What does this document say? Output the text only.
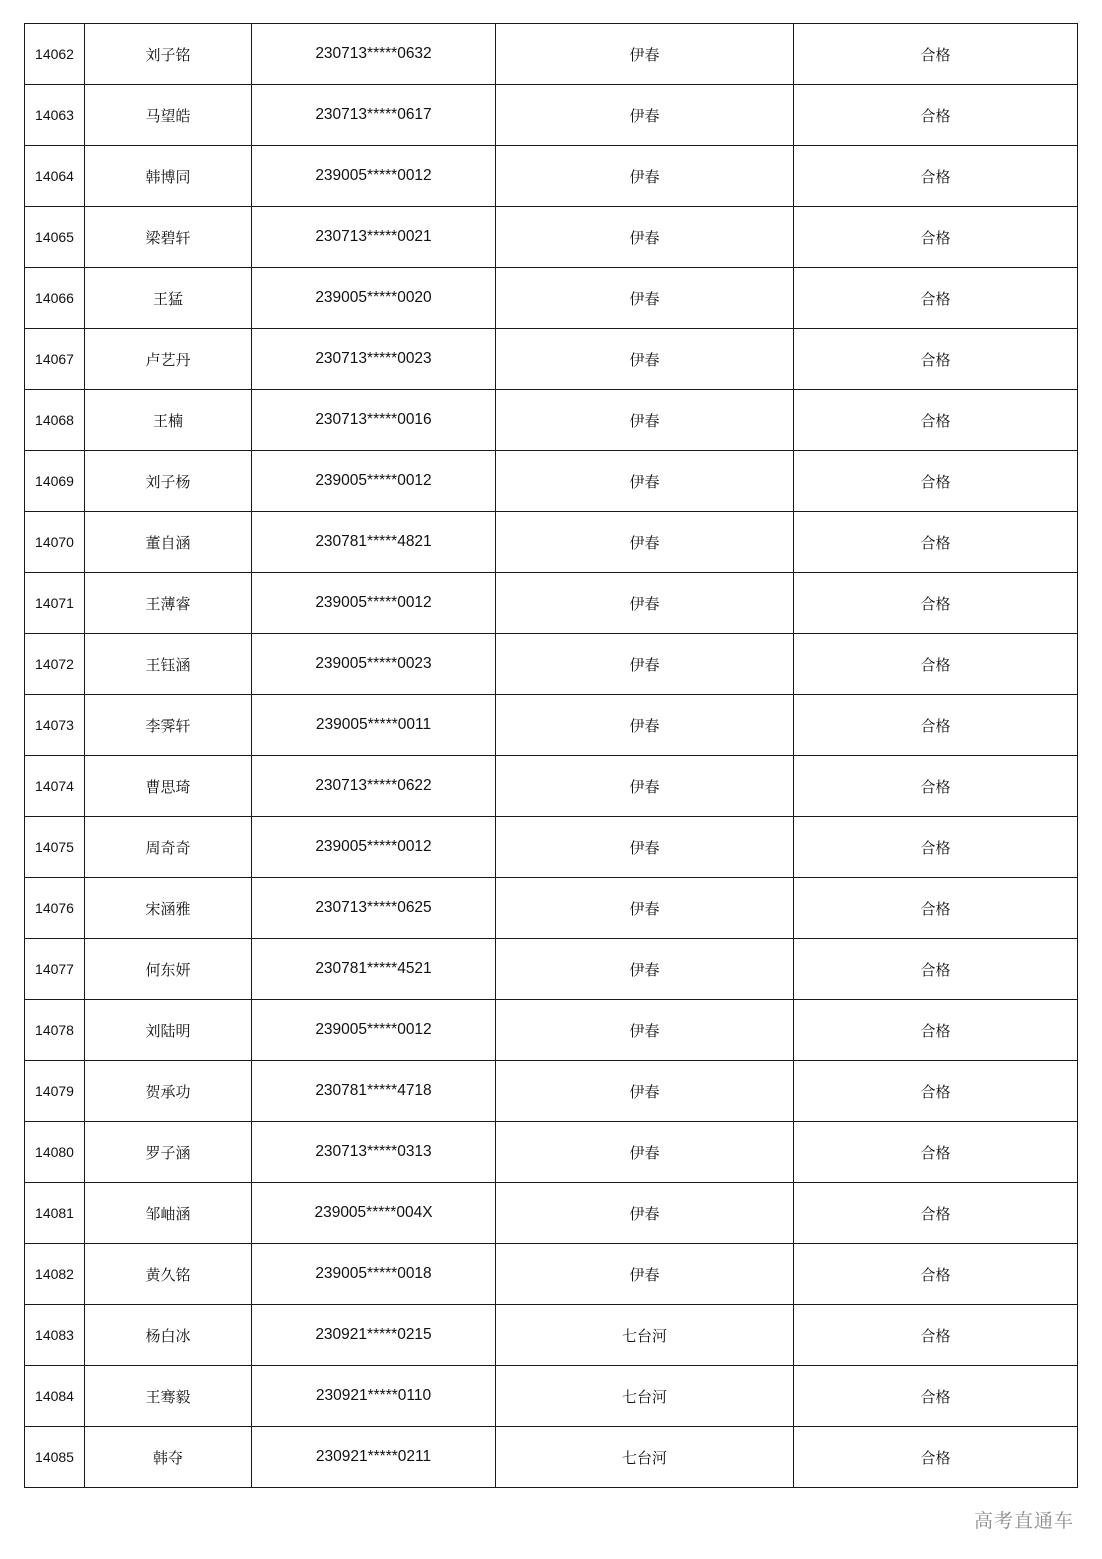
14062	刘子铭	230713*****0632	伊春	合格
14063	马望皓	230713*****0617	伊春	合格
14064	韩博同	239005*****0012	伊春	合格
14065	梁碧轩	230713*****0021	伊春	合格
14066	王猛	239005*****0020	伊春	合格
14067	卢艺丹	230713*****0023	伊春	合格
14068	王楠	230713*****0016	伊春	合格
14069	刘子杨	239005*****0012	伊春	合格
14070	董自涵	230781*****4821	伊春	合格
14071	王薄睿	239005*****0012	伊春	合格
14072	王钰涵	239005*****0023	伊春	合格
14073	李霁轩	239005*****0011	伊春	合格
14074	曹思琦	230713*****0622	伊春	合格
14075	周奇奇	239005*****0012	伊春	合格
14076	宋涵雅	230713*****0625	伊春	合格
14077	何东妍	230781*****4521	伊春	合格
14078	刘陆明	239005*****0012	伊春	合格
14079	贺承功	230781*****4718	伊春	合格
14080	罗子涵	230713*****0313	伊春	合格
14081	邹岫涵	239005*****004X	伊春	合格
14082	黄久铭	239005*****0018	伊春	合格
14083	杨白冰	230921*****0215	七台河	合格
14084	王骞毅	230921*****0110	七台河	合格
14085	韩夺	230921*****0211	七台河	合格
高考直通车
